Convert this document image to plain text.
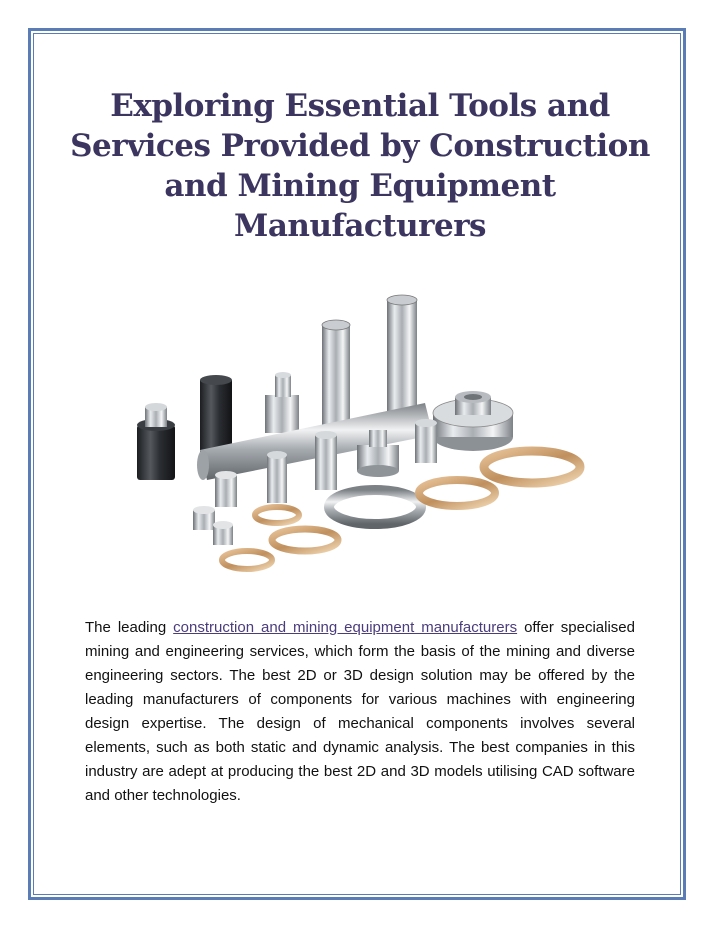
Exploring Essential Tools and
Services Provided by Construction
and Mining Equipment
Manufacturers

The leading construction and mining equipment manufacturers offer specialised mining and engineering services, which form the basis of the mining and diverse engineering sectors. The best 2D or 3D design solution may be offered by the leading manufacturers of components for various machines with engineering design expertise. The design of mechanical components involves several elements, such as both static and dynamic analysis. The best companies in this industry are adept at producing the best 2D and 3D models utilising CAD software and other technologies.
